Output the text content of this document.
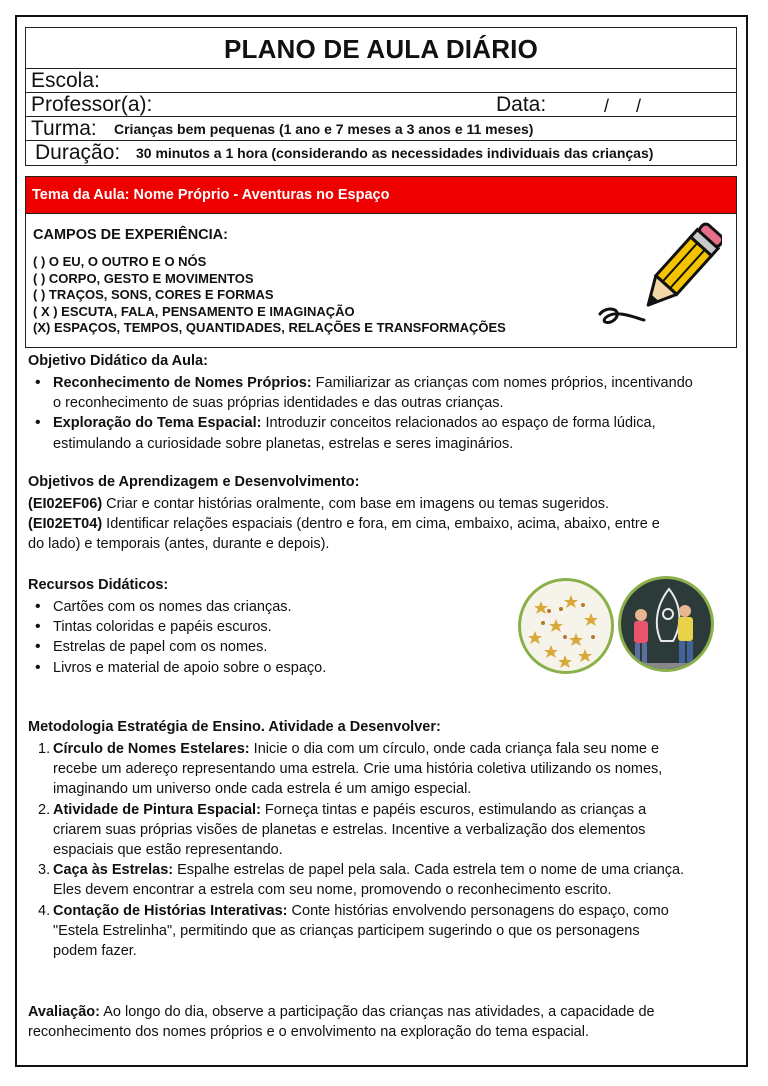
PLANO DE AULA DIÁRIO
Escola:
Professor(a):	Data:	/ /
Turma: Crianças bem pequenas (1 ano e 7 meses a 3 anos e 11 meses)
Duração: 30 minutos a 1 hora (considerando as necessidades individuais das crianças)
Tema da Aula: Nome Próprio - Aventuras no Espaço
CAMPOS DE EXPERIÊNCIA:
( ) O EU, O OUTRO E O NÓS
( ) CORPO, GESTO E MOVIMENTOS
( ) TRAÇOS, SONS, CORES E FORMAS
( X ) ESCUTA, FALA, PENSAMENTO E IMAGINAÇÃO
(X) ESPAÇOS, TEMPOS, QUANTIDADES, RELAÇÕES E TRANSFORMAÇÕES
Objetivo Didático da Aula:
• Reconhecimento de Nomes Próprios: Familiarizar as crianças com nomes próprios, incentivando
o reconhecimento de suas próprias identidades e das outras crianças.
• Exploração do Tema Espacial: Introduzir conceitos relacionados ao espaço de forma lúdica,
estimulando a curiosidade sobre planetas, estrelas e seres imaginários.
Objetivos de Aprendizagem e Desenvolvimento:
(EI02EF06) Criar e contar histórias oralmente, com base em imagens ou temas sugeridos.
(EI02ET04) Identificar relações espaciais (dentro e fora, em cima, embaixo, acima, abaixo, entre e
do lado) e temporais (antes, durante e depois).
Recursos Didáticos:
• Cartões com os nomes das crianças.
• Tintas coloridas e papéis escuros.
• Estrelas de papel com os nomes.
• Livros e material de apoio sobre o espaço.
Metodologia Estratégia de Ensino. Atividade a Desenvolver:
1. Círculo de Nomes Estelares: Inicie o dia com um círculo, onde cada criança fala seu nome e
recebe um adereço representando uma estrela. Crie uma história coletiva utilizando os nomes,
imaginando um universo onde cada estrela é um amigo especial.
2. Atividade de Pintura Espacial: Forneça tintas e papéis escuros, estimulando as crianças a
criarem suas próprias visões de planetas e estrelas. Incentive a verbalização dos elementos
espaciais que estão representando.
3. Caça às Estrelas: Espalhe estrelas de papel pela sala. Cada estrela tem o nome de uma criança.
Eles devem encontrar a estrela com seu nome, promovendo o reconhecimento escrito.
4. Contação de Histórias Interativas: Conte histórias envolvendo personagens do espaço, como
"Estela Estrelinha", permitindo que as crianças participem sugerindo o que os personagens
podem fazer.
Avaliação: Ao longo do dia, observe a participação das crianças nas atividades, a capacidade de
reconhecimento dos nomes próprios e o envolvimento na exploração do tema espacial.
